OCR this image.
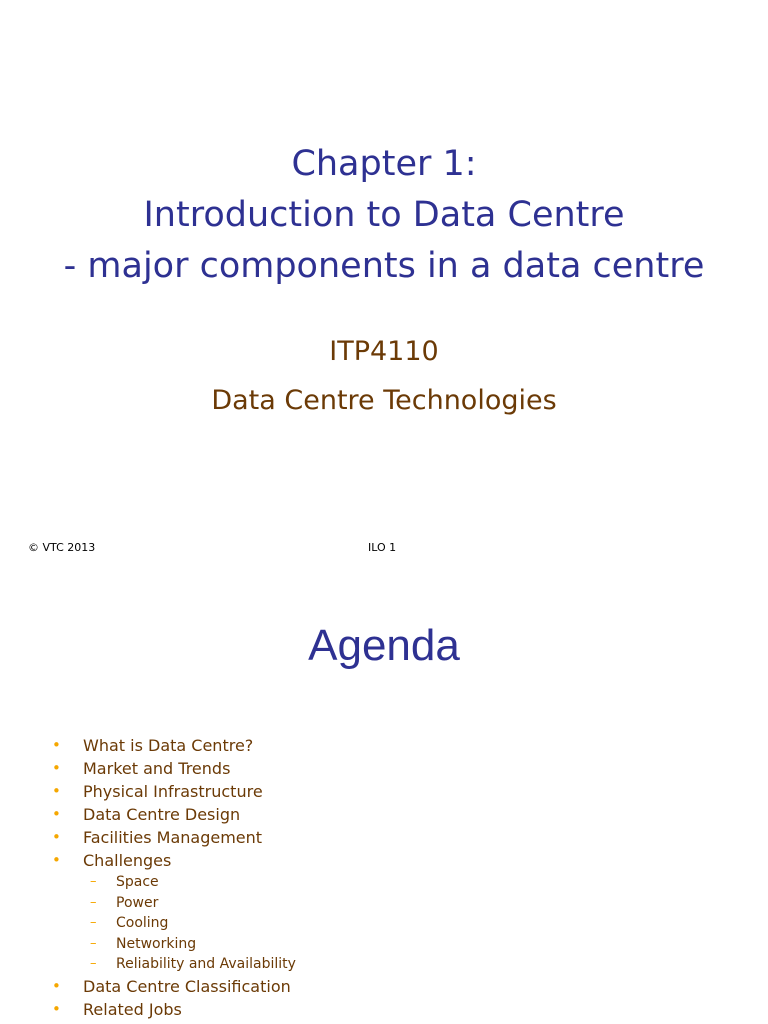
Chapter 1:
Introduction to Data Centre
- major components in a data centre
ITP4110
Data Centre Technologies
© VTC 2013	ILO 1
Agenda
• What is Data Centre?
• Market and Trends
• Physical Infrastructure
• Data Centre Design
• Facilities Management
• Challenges
– Space
– Power
– Cooling
– Networking
– Reliability and Availability
• Data Centre Classification
• Related Jobs
